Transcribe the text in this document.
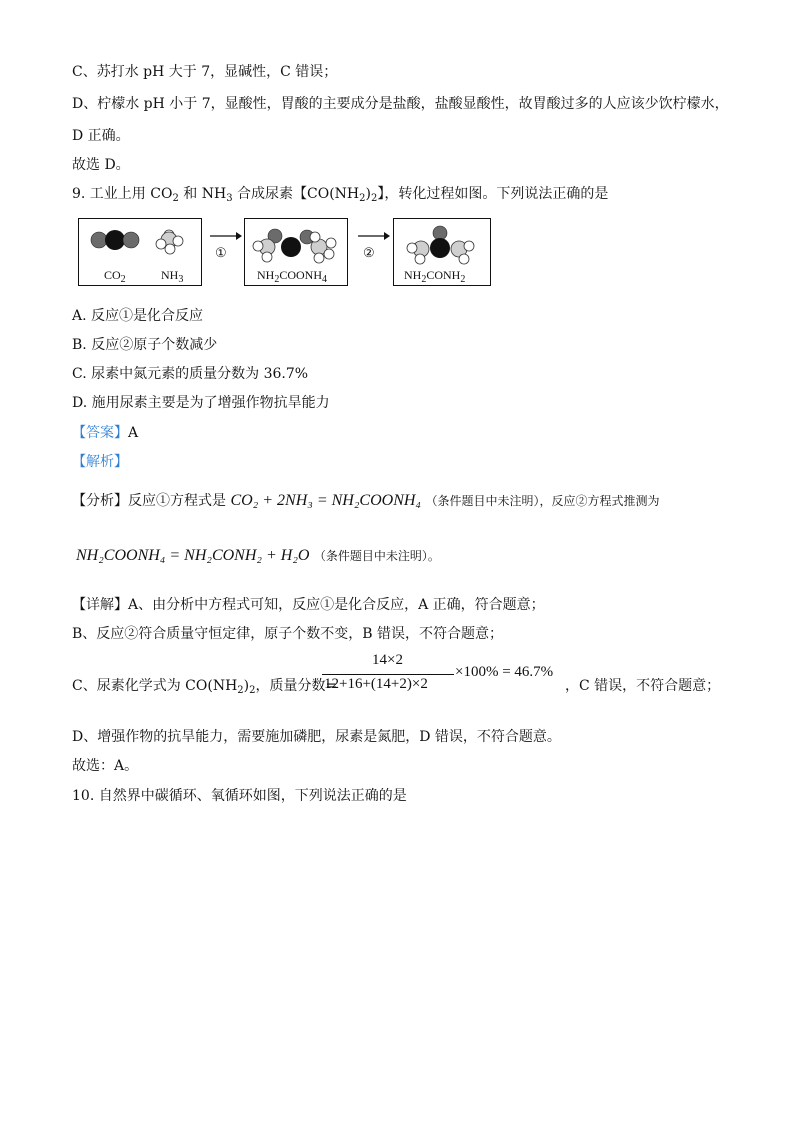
C、苏打水 pH 大于 7，显碱性，C 错误；
D、柠檬水 pH 小于 7，显酸性，胃酸的主要成分是盐酸，盐酸显酸性，故胃酸过多的人应该少饮柠檬水，
D 正确。
故选 D。
9. 工业上用 $CO_2$ 和 $NH_3$ 合成尿素【$CO(NH_2)_2$】，转化过程如图。下列说法正确的是
$CO_2$	$NH_3$
①
$NH_2COONH_4$
②
$NH_2CONH_2$
A. 反应①是化合反应
B. 反应②原子个数减少
C. 尿素中氮元素的质量分数为 36.7%
D. 施用尿素主要是为了增强作物抗旱能力
【答案】A
【解析】
【分析】反应①方程式是 CO₂ + 2NH₃ = NH₂COONH₄ （条件题目中未注明），反应②方程式推测为
NH₂COONH₄ = NH₂CONH₂ + H₂O （条件题目中未注明）。
【详解】A、由分析中方程式可知，反应①是化合反应，A 正确，符合题意；
B、反应②符合质量守恒定律，原子个数不变，B 错误，不符合题意；
C、尿素化学式为 $CO(NH_2)_2$，质量分数=
14×2
12+16+(14+2)×2
×100% = 46.7%
，C 错误，不符合题意；
D、增强作物的抗旱能力，需要施加磷肥，尿素是氮肥，D 错误，不符合题意。
故选：A。
10. 自然界中碳循环、氧循环如图，下列说法正确的是
